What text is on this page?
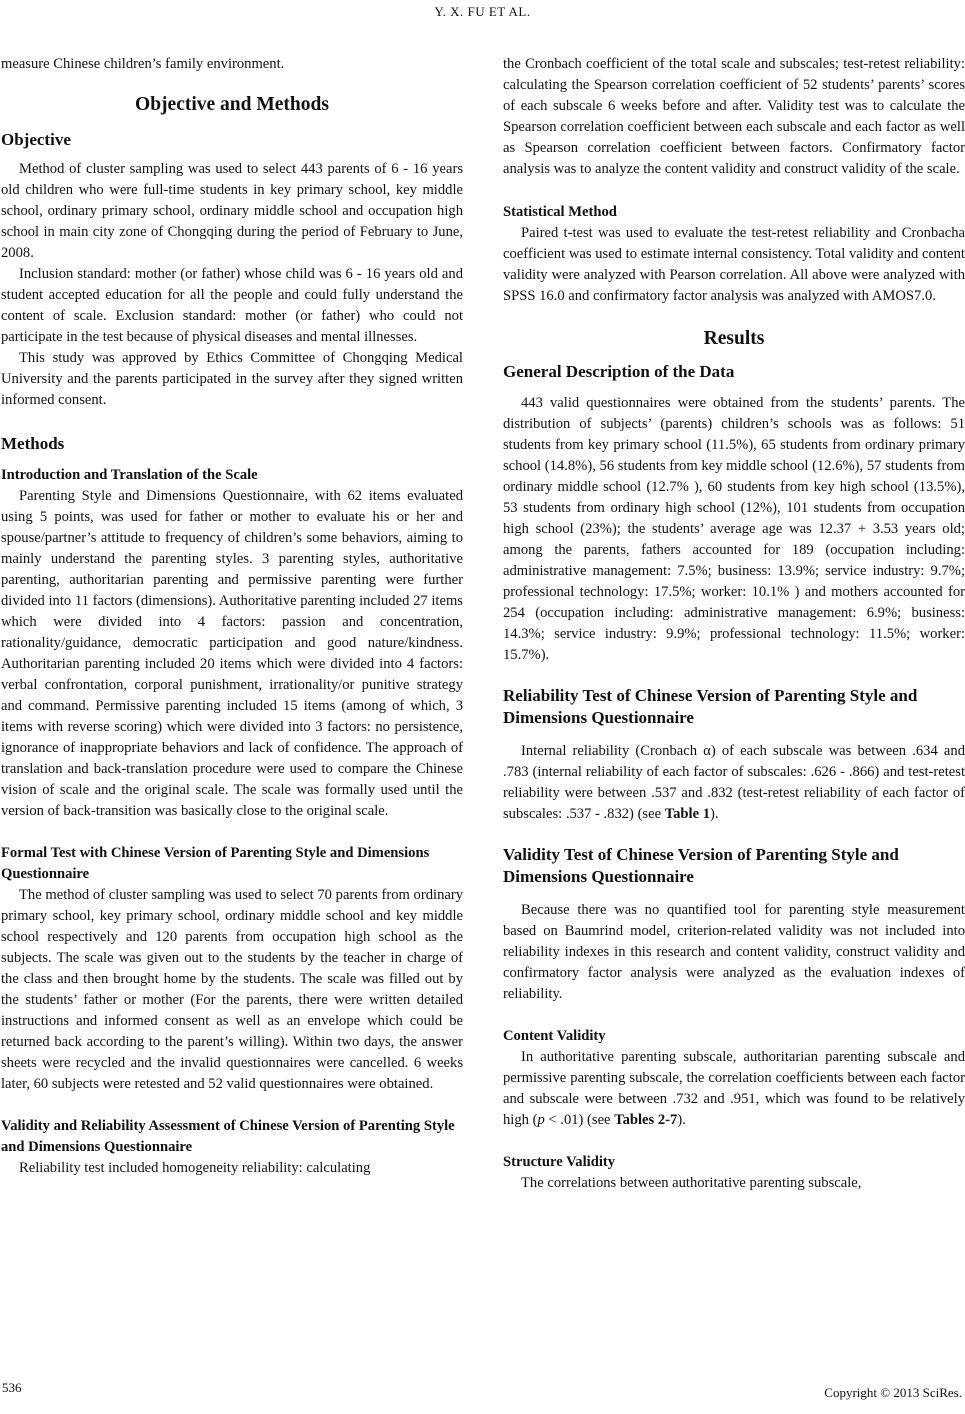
Y. X. FU ET AL.

measure Chinese children’s family environment.

Objective and Methods
Objective

Method of cluster sampling was used to select 443 parents of 6 - 16 years old children who were full-time students in key primary school, key middle school, ordinary primary school, ordinary middle school and occupation high school in main city zone of Chongqing during the period of February to June, 2008.

Inclusion standard: mother (or father) whose child was 6 - 16 years old and student accepted education for all the people and could fully understand the content of scale. Exclusion standard: mother (or father) who could not participate in the test because of physical diseases and mental illnesses.

This study was approved by Ethics Committee of Chongqing Medical University and the parents participated in the survey after they signed written informed consent.

Methods
Introduction and Translation of the Scale

Parenting Style and Dimensions Questionnaire, with 62 items evaluated using 5 points, was used for father or mother to evaluate his or her and spouse/partner’s attitude to frequency of children’s some behaviors, aiming to mainly understand the parenting styles. 3 parenting styles, authoritative parenting, authoritarian parenting and permissive parenting were further divided into 11 factors (dimensions). Authoritative parenting included 27 items which were divided into 4 factors: passion and concentration, rationality/guidance, democratic participation and good nature/kindness. Authoritarian parenting included 20 items which were divided into 4 factors: verbal confrontation, corporal punishment, irrationality/or punitive strategy and command. Permissive parenting included 15 items (among of which, 3 items with reverse scoring) which were divided into 3 factors: no persistence, ignorance of inappropriate behaviors and lack of confidence. The approach of translation and back-translation procedure were used to compare the Chinese vision of scale and the original scale. The scale was formally used until the version of back-transition was basically close to the original scale.

Formal Test with Chinese Version of Parenting Style and Dimensions Questionnaire

The method of cluster sampling was used to select 70 parents from ordinary primary school, key primary school, ordinary middle school and key middle school respectively and 120 parents from occupation high school as the subjects. The scale was given out to the students by the teacher in charge of the class and then brought home by the students. The scale was filled out by the students’ father or mother (For the parents, there were written detailed instructions and informed consent as well as an envelope which could be returned back according to the parent’s willing). Within two days, the answer sheets were recycled and the invalid questionnaires were cancelled. 6 weeks later, 60 subjects were retested and 52 valid questionnaires were obtained.

Validity and Reliability Assessment of Chinese Version of Parenting Style and Dimensions Questionnaire

Reliability test included homogeneity reliability: calculating

the Cronbach coefficient of the total scale and subscales; test-retest reliability: calculating the Spearson correlation coefficient of 52 students’ parents’ scores of each subscale 6 weeks before and after. Validity test was to calculate the Spearson correlation coefficient between each subscale and each factor as well as Spearson correlation coefficient between factors. Confirmatory factor analysis was to analyze the content validity and construct validity of the scale.

Statistical Method

Paired t-test was used to evaluate the test-retest reliability and Cronbacha coefficient was used to estimate internal consistency. Total validity and content validity were analyzed with Pearson correlation. All above were analyzed with SPSS 16.0 and confirmatory factor analysis was analyzed with AMOS7.0.

Results
General Description of the Data

443 valid questionnaires were obtained from the students’ parents. The distribution of subjects’ (parents) children’s schools was as follows: 51 students from key primary school (11.5%), 65 students from ordinary primary school (14.8%), 56 students from key middle school (12.6%), 57 students from ordinary middle school (12.7% ), 60 students from key high school (13.5%), 53 students from ordinary high school (12%), 101 students from occupation high school (23%); the students’ average age was 12.37 + 3.53 years old; among the parents, fathers accounted for 189 (occupation including: administrative management: 7.5%; business: 13.9%; service industry: 9.7%; professional technology: 17.5%; worker: 10.1% ) and mothers accounted for 254 (occupation including: administrative management: 6.9%; business: 14.3%; service industry: 9.9%; professional technology: 11.5%; worker: 15.7%).

Reliability Test of Chinese Version of Parenting Style and Dimensions Questionnaire

Internal reliability (Cronbach α) of each subscale was between .634 and .783 (internal reliability of each factor of subscales: .626 - .866) and test-retest reliability were between .537 and .832 (test-retest reliability of each factor of subscales: .537 - .832) (see Table 1).

Validity Test of Chinese Version of Parenting Style and Dimensions Questionnaire

Because there was no quantified tool for parenting style measurement based on Baumrind model, criterion-related validity was not included into reliability indexes in this research and content validity, construct validity and confirmatory factor analysis were analyzed as the evaluation indexes of reliability.

Content Validity

In authoritative parenting subscale, authoritarian parenting subscale and permissive parenting subscale, the correlation coefficients between each factor and subscale were between .732 and .951, which was found to be relatively high (p < .01) (see Tables 2-7).

Structure Validity

The correlations between authoritative parenting subscale,

536	Copyright © 2013 SciRes.
